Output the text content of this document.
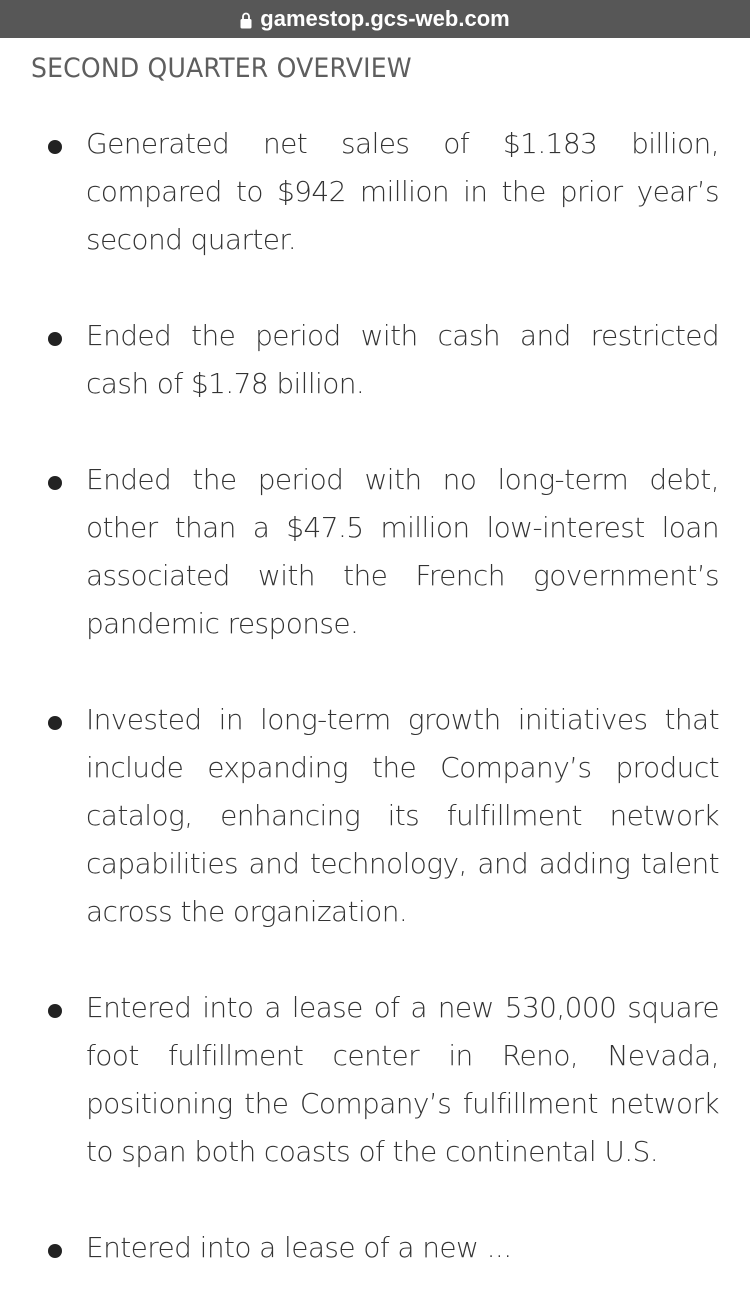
gamestop.gcs-web.com
SECOND QUARTER OVERVIEW
Generated net sales of $1.183 billion, compared to $942 million in the prior year’s second quarter.
Ended the period with cash and restricted cash of $1.78 billion.
Ended the period with no long-term debt, other than a $47.5 million low-interest loan associated with the French government’s pandemic response.
Invested in long-term growth initiatives that include expanding the Company’s product catalog, enhancing its fulfillment network capabilities and technology, and adding talent across the organization.
Entered into a lease of a new 530,000 square foot fulfillment center in Reno, Nevada, positioning the Company’s fulfillment network to span both coasts of the continental U.S.
Entered into a lease of a new ...
